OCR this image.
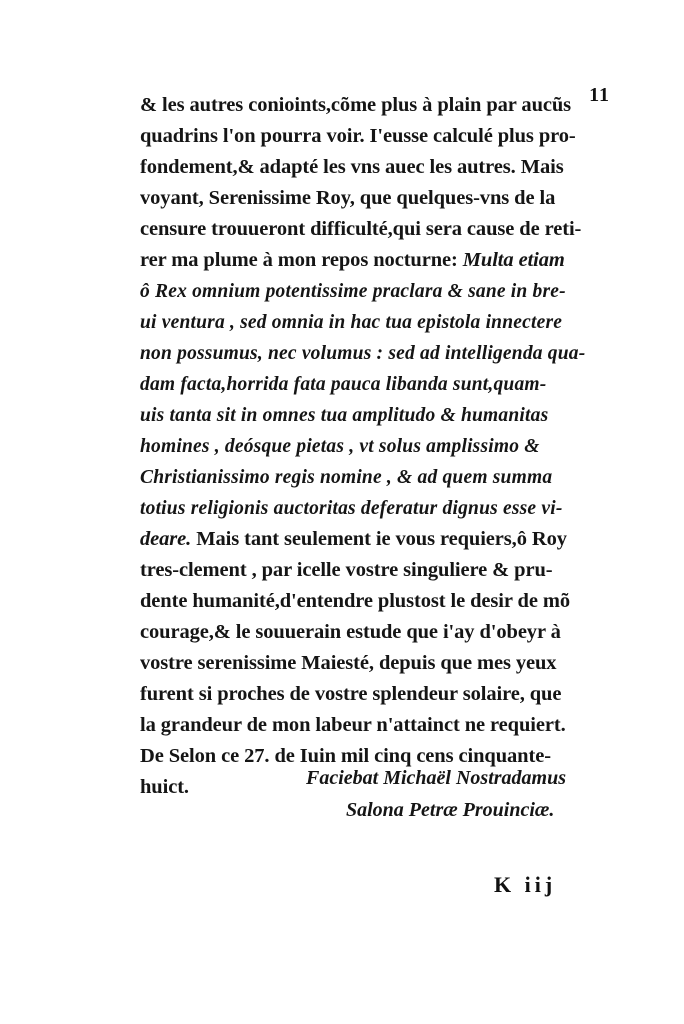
11
& les autres conioints,cõme plus à plain par aucũs
quadrins l'on pourra voir. I'eusse calculé plus pro-
fondement,& adapté les vns auec les autres. Mais
voyant, Serenissime Roy, que quelques-vns de la
censure trouueront difficulté,qui sera cause de reti-
rer ma plume à mon repos nocturne: Multa etiam
ô Rex omnium potentissime praclara & sane in bre-
ui ventura , sed omnia in hac tua epistola innectere
non possumus, nec volumus : sed ad intelligenda qua-
dam facta,horrida fata pauca libanda sunt,quam-
uis tanta sit in omnes tua amplitudo & humanitas
homines , deósque pietas , vt solus amplissimo &
Christianissimo regis nomine , & ad quem summa
totius religionis auctoritas deferatur dignus esse vi-
deare. Mais tant seulement ie vous requiers,ô Roy
tres-clement , par icelle vostre singuliere & pru-
dente humanité,d'entendre plustost le desir de mõ
courage,& le souuerain estude que i'ay d'obeyr à
vostre serenissime Maiesté, depuis que mes yeux
furent si proches de vostre splendeur solaire, que
la grandeur de mon labeur n'attainct ne requiert.
De Selon ce 27. de Iuin mil cinq cens cinquante-
huict.	Faciebat Michaël Nostradamus
Salona Petræ Prouinciæ.
K iij
